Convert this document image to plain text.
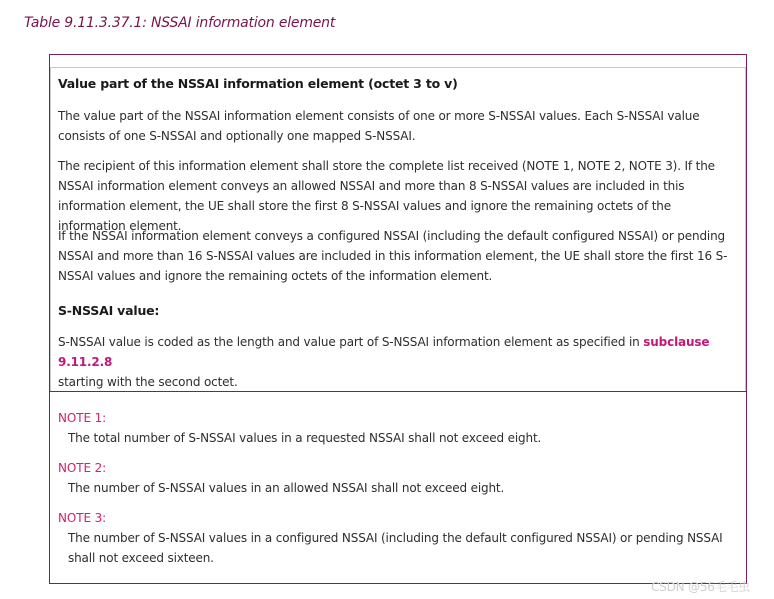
Table 9.11.3.37.1: NSSAI information element
Value part of the NSSAI information element (octet 3 to v)
The value part of the NSSAI information element consists of one or more S-NSSAI values. Each S-NSSAI value consists of one S-NSSAI and optionally one mapped S-NSSAI.
The recipient of this information element shall store the complete list received (NOTE 1, NOTE 2, NOTE 3). If the NSSAI information element conveys an allowed NSSAI and more than 8 S-NSSAI values are included in this information element, the UE shall store the first 8 S-NSSAI values and ignore the remaining octets of the information element.
If the NSSAI information element conveys a configured NSSAI (including the default configured NSSAI) or pending NSSAI and more than 16 S-NSSAI values are included in this information element, the UE shall store the first 16 S-NSSAI values and ignore the remaining octets of the information element.
S-NSSAI value:
S-NSSAI value is coded as the length and value part of S-NSSAI information element as specified in subclause 9.11.2.8
starting with the second octet.
NOTE 1:
The total number of S-NSSAI values in a requested NSSAI shall not exceed eight.
NOTE 2:
The number of S-NSSAI values in an allowed NSSAI shall not exceed eight.
NOTE 3:
The number of S-NSSAI values in a configured NSSAI (including the default configured NSSAI) or pending NSSAI shall not exceed sixteen.
CSDN @56毛毛虫
